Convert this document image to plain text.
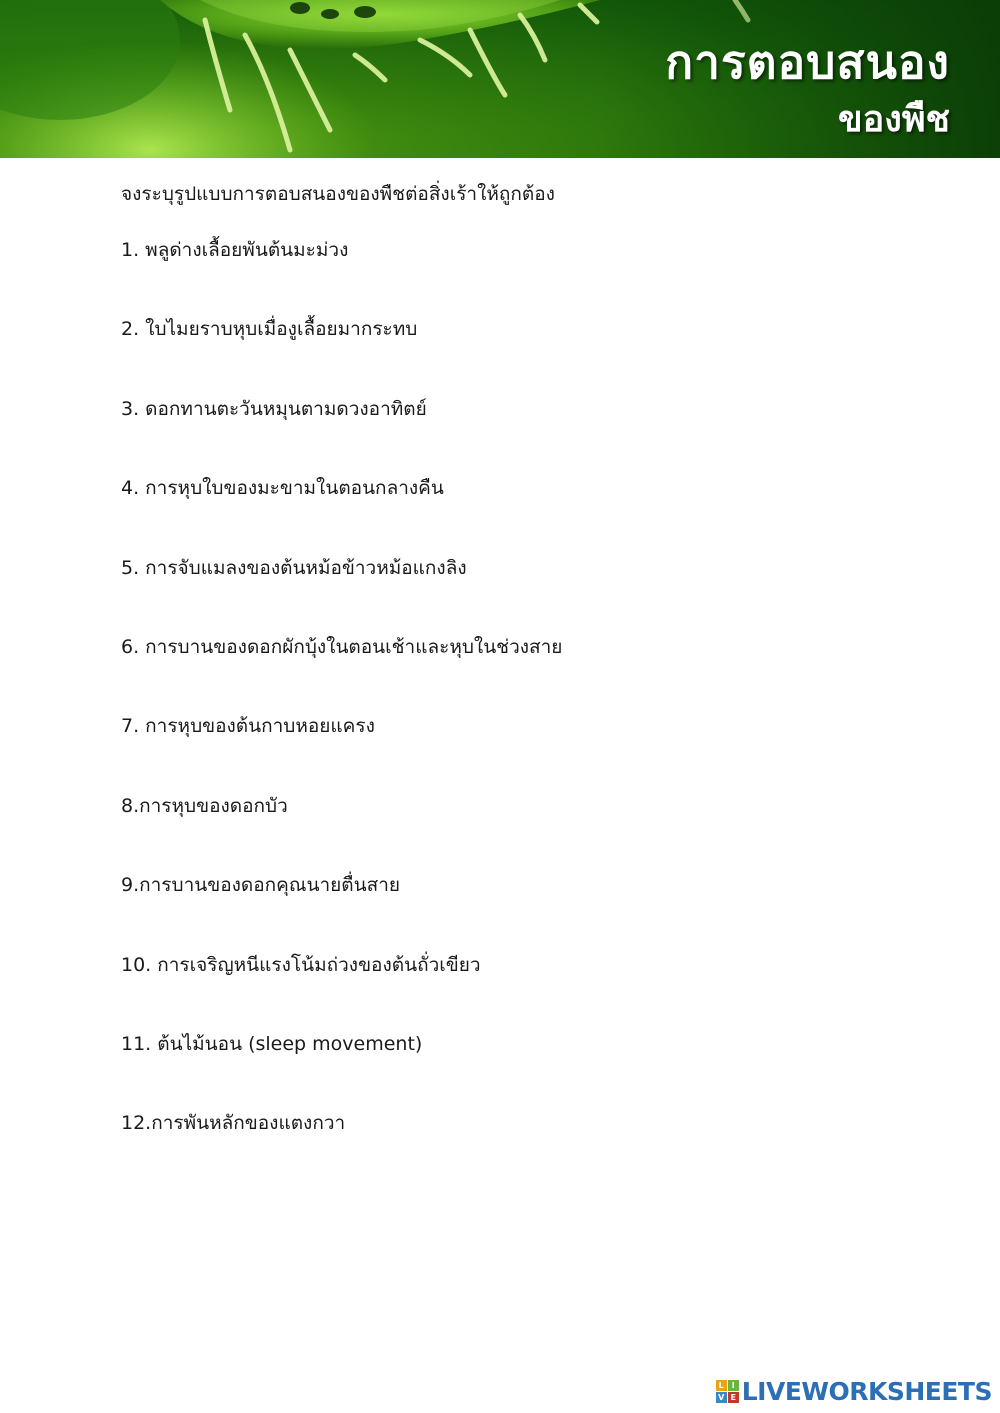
การตอบสนอง
ของพืช

จงระบุรูปแบบการตอบสนองของพืชต่อสิ่งเร้าให้ถูกต้อง

1. พลูด่างเลื้อยพันต้นมะม่วง
2. ใบไมยราบหุบเมื่องูเลื้อยมากระทบ
3. ดอกทานตะวันหมุนตามดวงอาทิตย์
4. การหุบใบของมะขามในตอนกลางคืน
5. การจับแมลงของต้นหม้อข้าวหม้อแกงลิง
6. การบานของดอกผักบุ้งในตอนเช้าและหุบในช่วงสาย
7. การหุบของต้นกาบหอยแครง
8.การหุบของดอกบัว
9.การบานของดอกคุณนายตื่นสาย
10. การเจริญหนีแรงโน้มถ่วงของต้นถั่วเขียว
11. ต้นไม้นอน (sleep movement)
12.การพันหลักของแตงกวา
L I
V E LIVEWORKSHEETS
